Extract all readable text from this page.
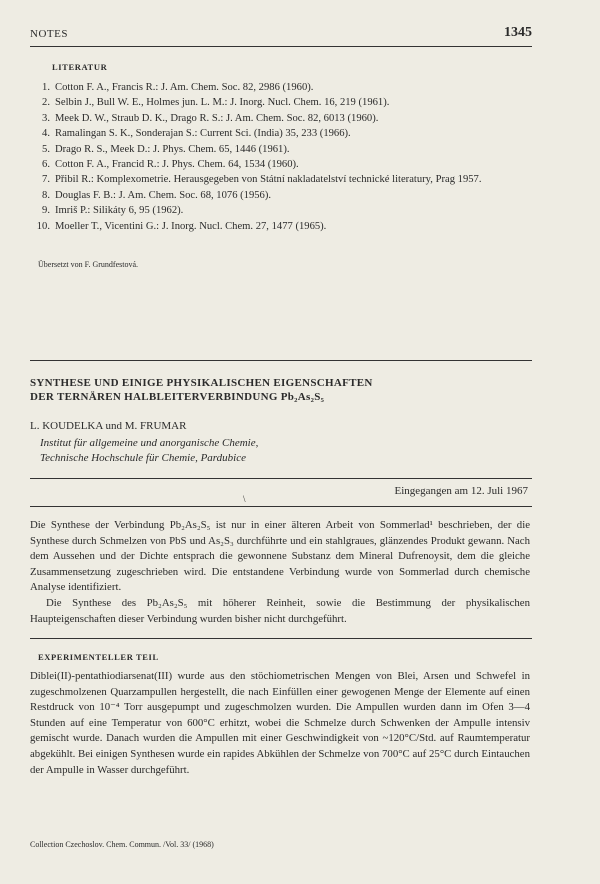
NOTES	1345
LITERATUR
1. Cotton F. A., Francis R.: J. Am. Chem. Soc. 82, 2986 (1960).
2. Selbin J., Bull W. E., Holmes jun. L. M.: J. Inorg. Nucl. Chem. 16, 219 (1961).
3. Meek D. W., Straub D. K., Drago R. S.: J. Am. Chem. Soc. 82, 6013 (1960).
4. Ramalingan S. K., Sonderajan S.: Current Sci. (India) 35, 233 (1966).
5. Drago R. S., Meek D.: J. Phys. Chem. 65, 1446 (1961).
6. Cotton F. A., Francid R.: J. Phys. Chem. 64, 1534 (1960).
7. Přibil R.: Komplexometrie. Herausgegeben von Státní nakladatelství technické literatury, Prag 1957.
8. Douglas F. B.: J. Am. Chem. Soc. 68, 1076 (1956).
9. Imriš P.: Silikáty 6, 95 (1962).
10. Moeller T., Vicentini G.: J. Inorg. Nucl. Chem. 27, 1477 (1965).
Übersetzt von F. Grundfestová.
SYNTHESE UND EINIGE PHYSIKALISCHEN EIGENSCHAFTEN
DER TERNÄREN HALBLEITERVERBINDUNG Pb₂As₂S₅
L. KOUDELKA und M. FRUMAR
Institut für allgemeine und anorganische Chemie,
Technische Hochschule für Chemie, Pardubice
Eingegangen am 12. Juli 1967
\

Die Synthese der Verbindung Pb₂As₂S₅ ist nur in einer älteren Arbeit von Sommerlad¹ beschrieben, der die Synthese durch Schmelzen von PbS und As₂S₃ durchführte und ein stahlgraues, glänzendes Produkt gewann. Nach dem Aussehen und der Dichte entsprach die gewonnene Substanz dem Mineral Dufrenoysit, dem die gleiche Zusammensetzung zugeschrieben wird. Die entstandene Verbindung wurde von Sommerlad durch chemische Analyse identifiziert.

Die Synthese des Pb₂As₂S₅ mit höherer Reinheit, sowie die Bestimmung der physikalischen Haupteigenschaften dieser Verbindung wurden bisher nicht durchgeführt.

EXPERIMENTELLER TEIL

Diblei(II)-pentathiodiarsenat(III) wurde aus den stöchiometrischen Mengen von Blei, Arsen und Schwefel in zugeschmolzenen Quarzampullen hergestellt, die nach Einfüllen einer gewogenen Menge der Elemente auf einen Restdruck von 10⁻⁴ Torr ausgepumpt und zugeschmolzen wurden. Die Ampullen wurden dann im Ofen 3—4 Stunden auf eine Temperatur von 600°C erhitzt, wobei die Schmelze durch Schwenken der Ampulle intensiv gemischt wurde. Danach wurden die Ampullen mit einer Geschwindigkeit von ~120°C/Std. auf Raumtemperatur abgekühlt. Bei einigen Synthesen wurde ein rapides Abkühlen der Schmelze von 700°C auf 25°C durch Eintauchen der Ampulle in Wasser durchgeführt.

Collection Czechoslov. Chem. Commun. /Vol. 33/ (1968)
